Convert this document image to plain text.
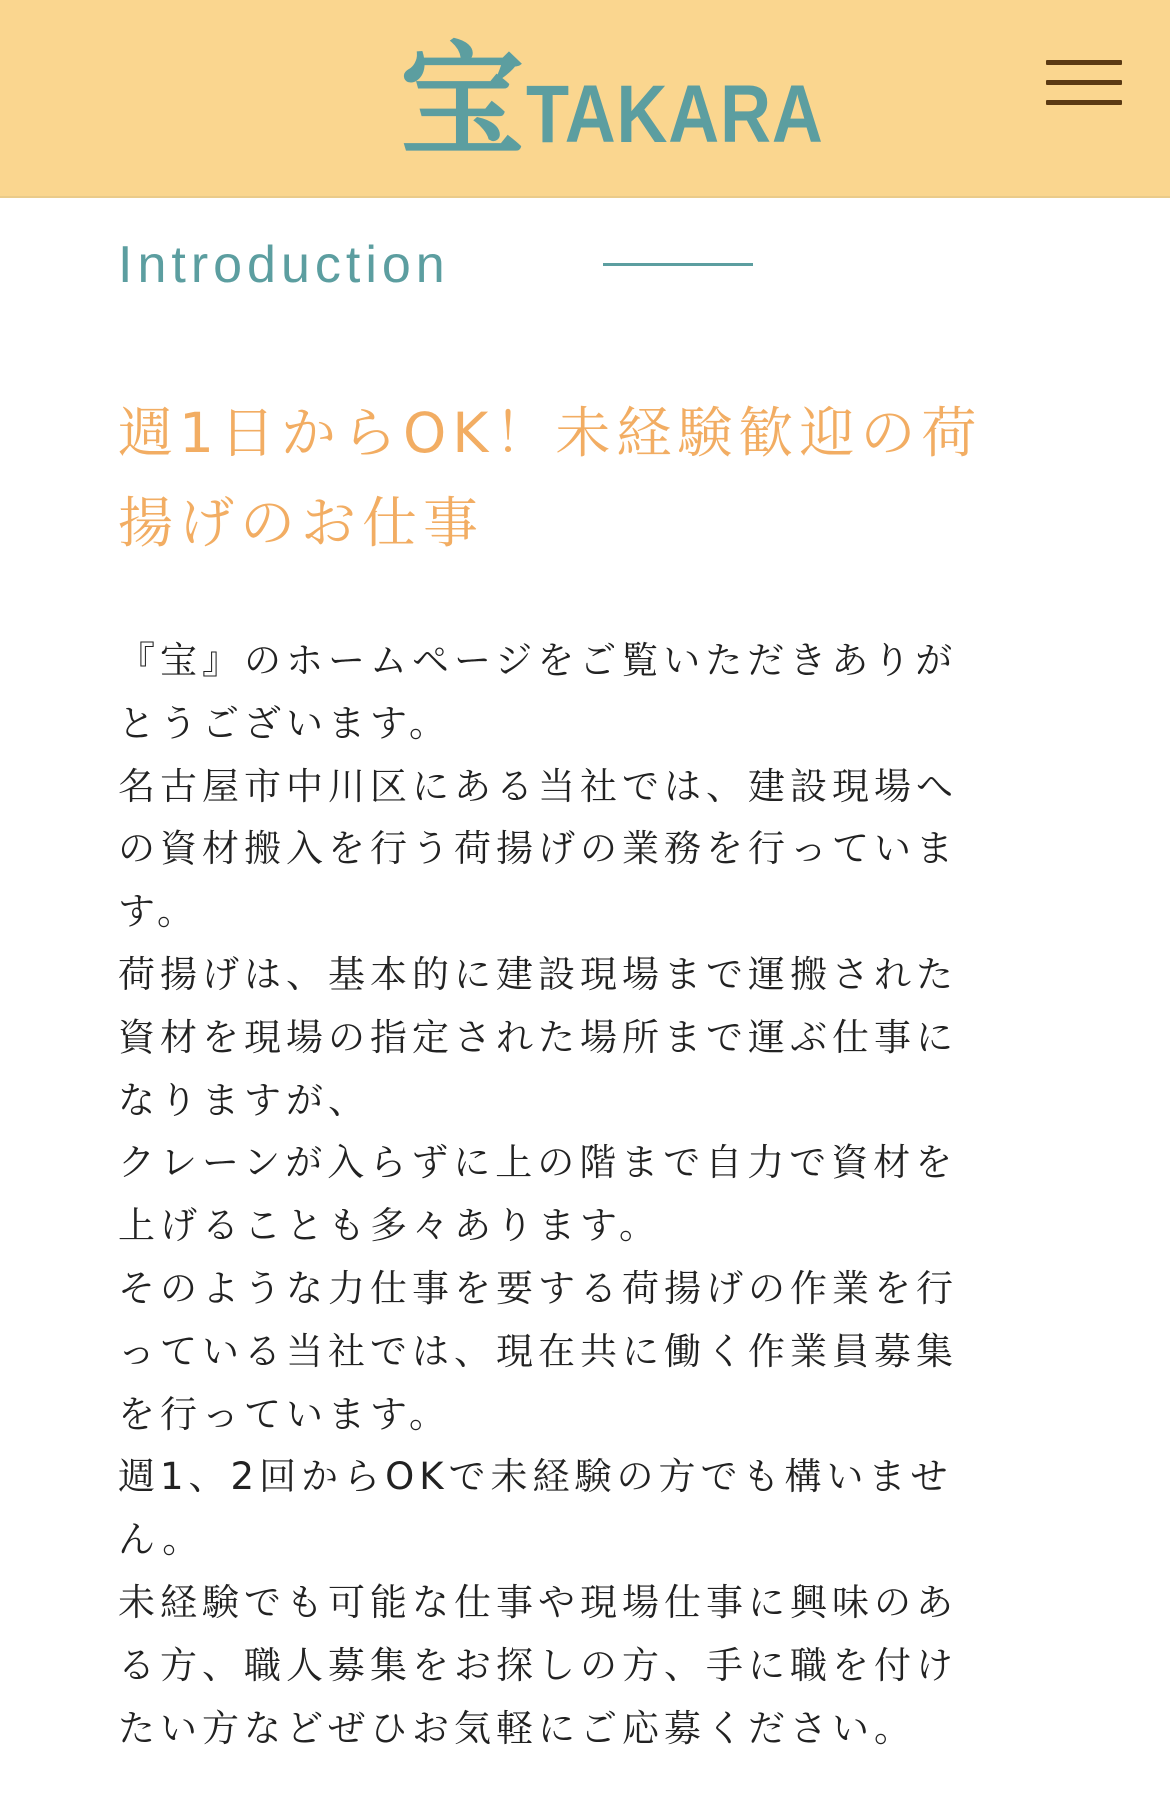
宝 TAKARA
Introduction
週1日からOK！未経験歓迎の荷
揚げのお仕事
『宝』のホームページをご覧いただきありが
とうございます。
名古屋市中川区にある当社では、建設現場へ
の資材搬入を行う荷揚げの業務を行っていま
す。
荷揚げは、基本的に建設現場まで運搬された
資材を現場の指定された場所まで運ぶ仕事に
なりますが、
クレーンが入らずに上の階まで自力で資材を
上げることも多々あります。
そのような力仕事を要する荷揚げの作業を行
っている当社では、現在共に働く作業員募集
を行っています。
週1、2回からOKで未経験の方でも構いませ
ん。
未経験でも可能な仕事や現場仕事に興味のあ
る方、職人募集をお探しの方、手に職を付け
たい方などぜひお気軽にご応募ください。
